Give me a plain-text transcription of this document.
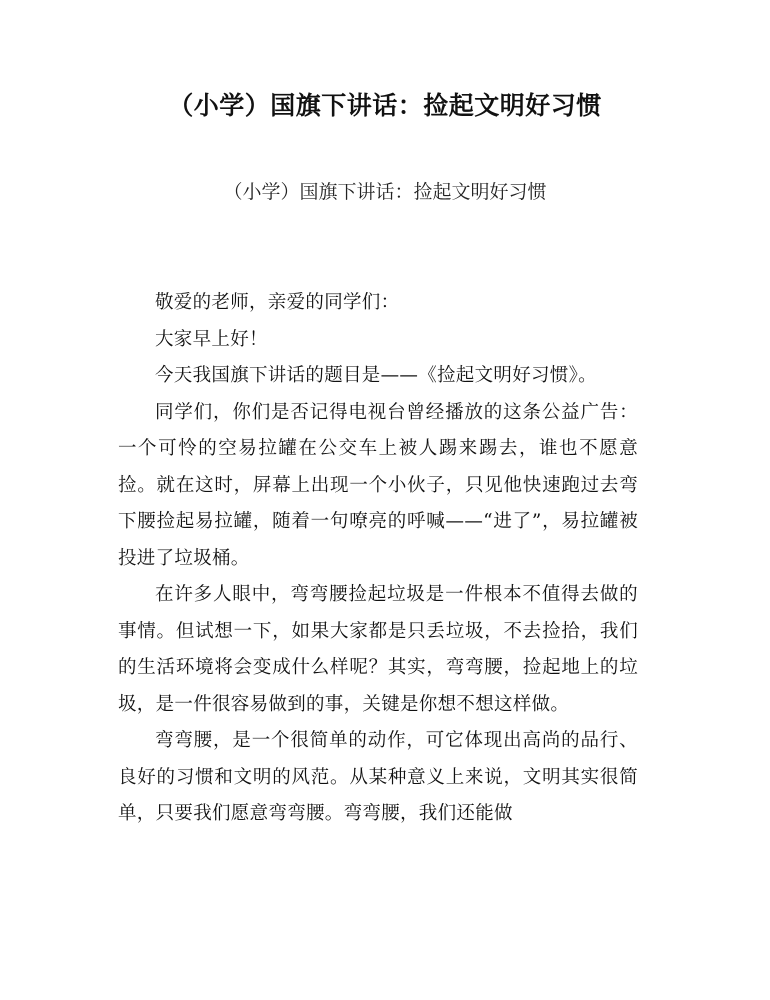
（小学）国旗下讲话：捡起文明好习惯
（小学）国旗下讲话：捡起文明好习惯

敬爱的老师，亲爱的同学们：

大家早上好！

今天我国旗下讲话的题目是——《捡起文明好习惯》。

同学们，你们是否记得电视台曾经播放的这条公益广告：一个可怜的空易拉罐在公交车上被人踢来踢去，谁也不愿意捡。就在这时，屏幕上出现一个小伙子，只见他快速跑过去弯下腰捡起易拉罐，随着一句嘹亮的呼喊——“进了”，易拉罐被投进了垃圾桶。

在许多人眼中，弯弯腰捡起垃圾是一件根本不值得去做的事情。但试想一下，如果大家都是只丢垃圾，不去捡拾，我们的生活环境将会变成什么样呢？其实，弯弯腰，捡起地上的垃圾，是一件很容易做到的事，关键是你想不想这样做。

弯弯腰，是一个很简单的动作，可它体现出高尚的品行、良好的习惯和文明的风范。从某种意义上来说，文明其实很简单，只要我们愿意弯弯腰。弯弯腰，我们还能做
